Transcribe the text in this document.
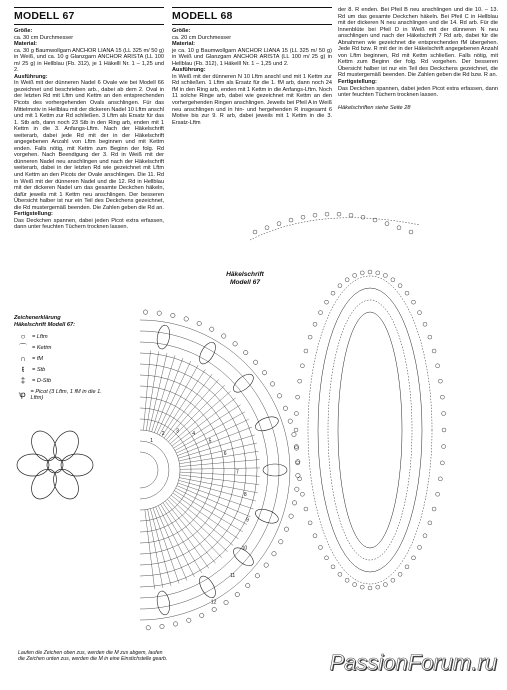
MODELL 67
Größe:
ca. 30 cm Durchmesser
Material:
ca. 30 g Baumwollgarn ANCHOR LIANA 15 (LL 325 m/ 50 g) in Weiß, und ca. 10 g Glanzgarn ANCHOR ARISTA (LL 100 m/ 25 g) in Hellblau (Fb. 312), je 1 Häkelll Nr. 1 – 1,25 und 2.
Ausführung:
In Weiß mit der dünneren Nadel 6 Ovale wie bei Modell 66 gezeichnet und beschrieben arb., dabei ab dem 2. Oval in der letzten Rd mit Lftm und Kettm an den entsprechenden Picots des vorhergehenden Ovals anschlingen. Für das Mittelmotiv in Hellblau mit der dickeren Nadel 10 Lftm anschl und mit 1 Kettm zur Rd schließen. 3 Lftm als Ersatz für das 1. Stb arb, dann noch 23 Stb in den Ring arb, enden mit 1 Kettm in die 3. Anfangs-Lftm. Nach der Häkelschrift weiterarb, dabei jede Rd mit der in der Häkelschrift angegebenen Anzahl von Lftm beginnen und mit Kettm enden. Falls nötig, mit Kettm zum Beginn der folg. Rd vorgehen. Nach Beendigung der 3. Rd in Weiß mit der dünneren Nadel neu anschlingen und nach der Häkelschrift weiterarb, dabei in der letzten Rd wie gezeichnet mit Lftm und Kettm an den Picots der Ovale anschlingen. Die 11. Rd in Weiß mit der dünneren Nadel und die 12. Rd in Hellblau mit der dickeren Nadel um das gesamte Deckchen häkeln, dafür jeweils mit 1 Kettm neu anschlingen. Der besseren Übersicht halber ist nur ein Teil des Deckchens gezeichnet, die Rd mustergemäß beenden. Die Zahlen geben die Rd an.
Fertigstellung:
Das Deckchen spannen, dabei jeden Picot extra erfassen, dann unter feuchten Tüchern trocknen lassen.
MODELL 68
Größe:
ca. 20 cm Durchmesser
Material:
je ca. 10 g Baumwollgarn ANCHOR LIANA 15 (LL 325 m/ 50 g) in Weiß und Glanzgarn ANCHOR ARISTA (LL 100 m/ 25 g) in Hellblau (Fb. 312), 1 Häkelll Nr. 1 – 1,25 und 2.
Ausführung:
In Weiß mit der dünneren N 10 Lftm anschl und mit 1 Kettm zur Rd schließen. 1 Lftm als Ersatz für die 1. fM arb, dann noch 24 fM in den Ring arb, enden mit 1 Kettm in die Anfangs-Lftm. Noch 11 solche Ringe arb, dabei wie gezeichnet mit Kettm an den vorhergehenden Ringen anschlingen. Jeweils bei Pfeil A in Weiß neu anschlingen und in hin- und hergehenden R insgesamt 6 Motive bis zur 9. R arb, dabei jeweils mit 1 Kettm in die 3. Ersatz-Lftm
der 8. R enden. Bei Pfeil B neu anschlingen und die 10. – 13. Rd um das gesamte Deckchen häkeln. Bei Pfeil C in Hellblau mit der dickeren N neu anschlingen und die 14. Rd arb. Für die Innenblüte bei Pfeil D in Weiß mit der dünneren N neu anschlingen und nach der Häkelschrift 7 Rd arb, dabei für die Abnahmen wie gezeichnet die entsprechenden fM übergehen. Jede Rd bzw. R mit der in der Häkelschrift angegebenen Anzahl von Lftm beginnen, Rd mit Kettm schließen. Falls nötig, mit Kettm zum Beginn der folg. Rd vorgehen. Der besseren Übersicht halber ist nur ein Teil des Deckchens gezeichnet, die Rd mustergemäß beenden. Die Zahlen geben die Rd bzw. R an.
Fertigstellung:
Das Deckchen spannen, dabei jeden Picot extra erfassen, dann unter feuchten Tüchern trocknen lassen.
Häkelschriften siehe Seite 28
1
2 3	4
5
6
7
8
9
10
11
12
Häkelschrift
Modell 67
Zeichenerklärung
Häkelschrift Modell 67:
○	= Lftm
⌒ = Kettm
∩	= fM
ŧ	= Stb
‡	= D-Stb
ꝕ = Picot (3 Lftm, 1 fM in die 1. Lftm)
Laufen die Zeichen oben zus, werden die M zus abgem, laufen die Zeichen unten zus, werden die M in eine Einstichstelle gearb.	PassionForum.ru
